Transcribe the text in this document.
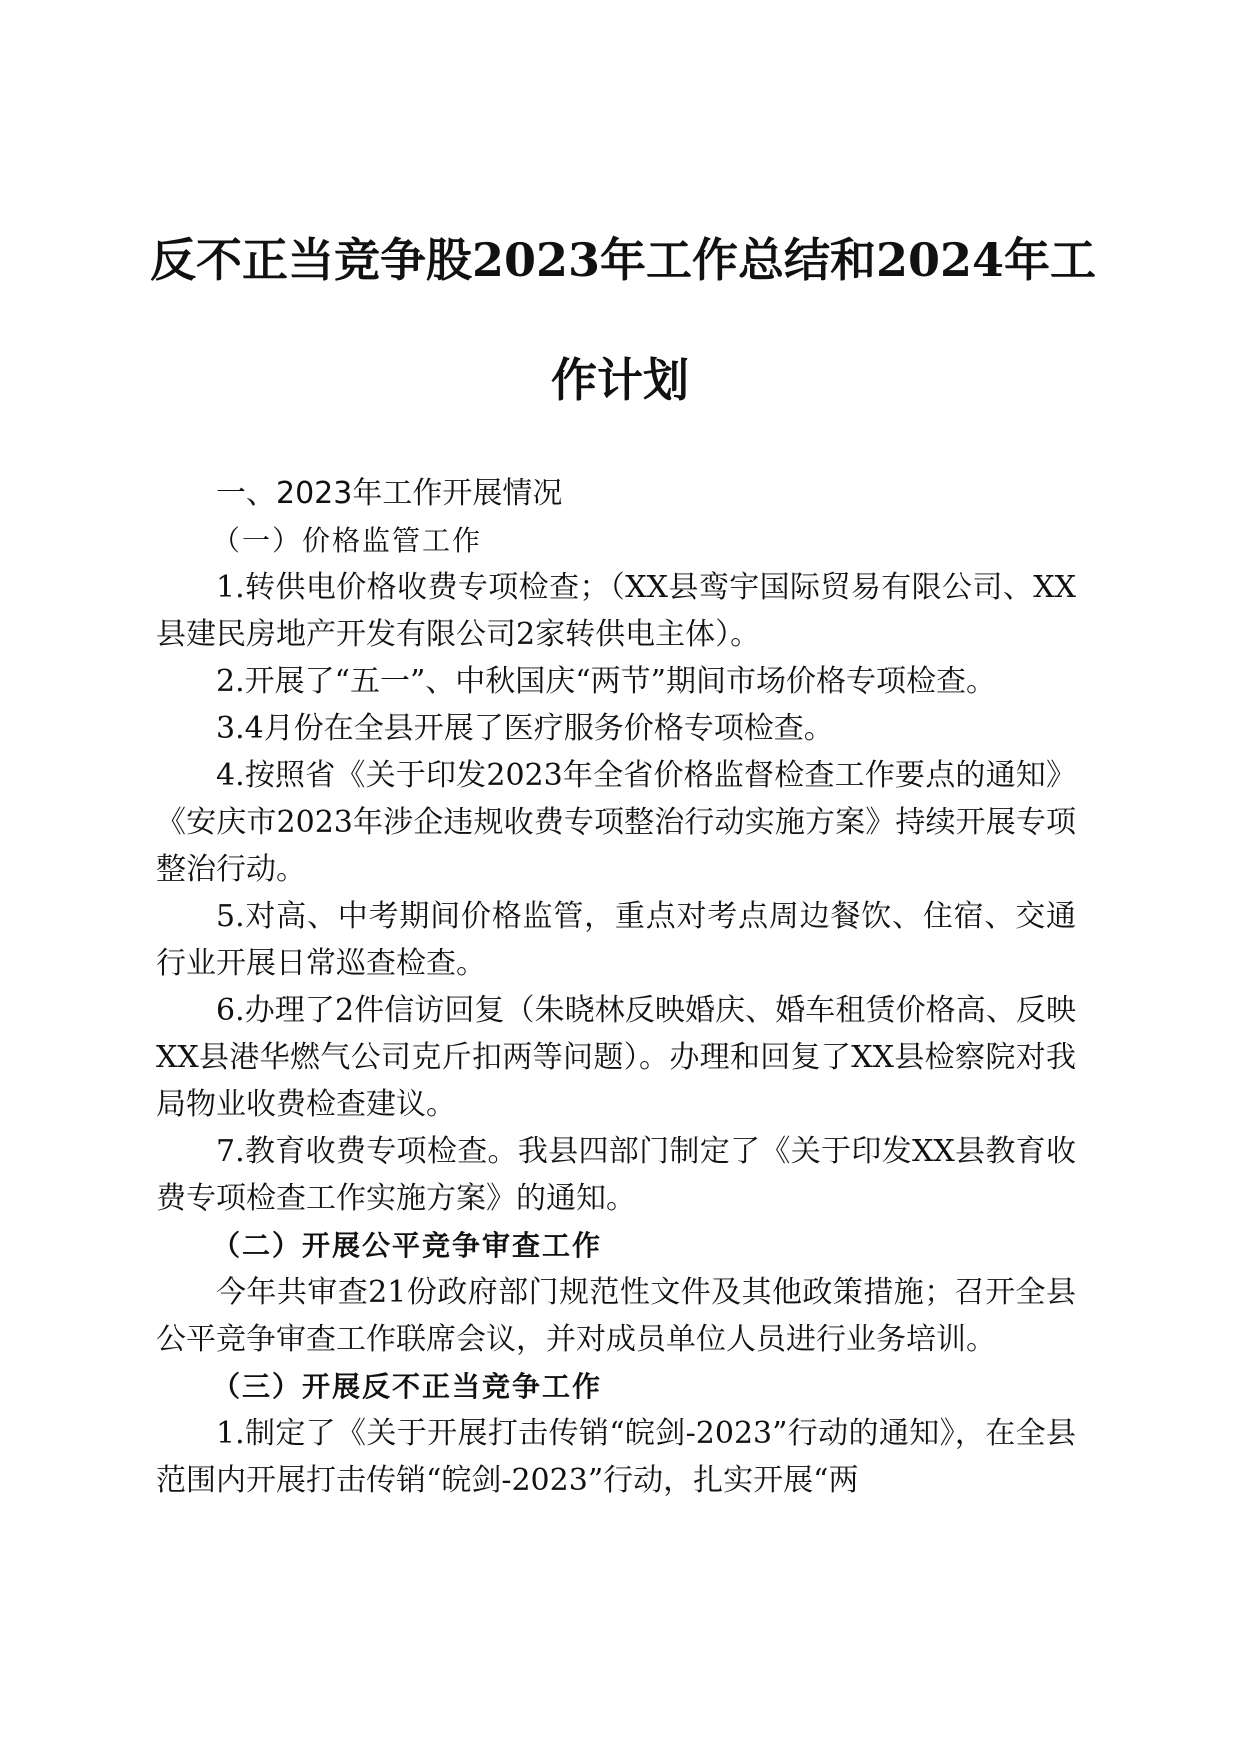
反不正当竞争股2023年工作总结和2024年工
作计划

一、2023年工作开展情况

（一）价格监管工作

1.转供电价格收费专项检查；（XX县鸾宇国际贸易有限公司、XX县建民房地产开发有限公司2家转供电主体）。

2.开展了“五一”、中秋国庆“两节”期间市场价格专项检查。

3.4月份在全县开展了医疗服务价格专项检查。

4.按照省《关于印发2023年全省价格监督检查工作要点的通知》《安庆市2023年涉企违规收费专项整治行动实施方案》持续开展专项整治行动。

5.对高、中考期间价格监管，重点对考点周边餐饮、住宿、交通行业开展日常巡查检查。

6.办理了2件信访回复（朱晓林反映婚庆、婚车租赁价格高、反映XX县港华燃气公司克斤扣两等问题）。办理和回复了XX县检察院对我局物业收费检查建议。

7.教育收费专项检查。我县四部门制定了《关于印发XX县教育收费专项检查工作实施方案》的通知。

（二）开展公平竞争审查工作

今年共审查21份政府部门规范性文件及其他政策措施；召开全县公平竞争审查工作联席会议，并对成员单位人员进行业务培训。

（三）开展反不正当竞争工作

1.制定了《关于开展打击传销“皖剑-2023”行动的通知》，在全县范围内开展打击传销“皖剑-2023”行动，扎实开展“两
